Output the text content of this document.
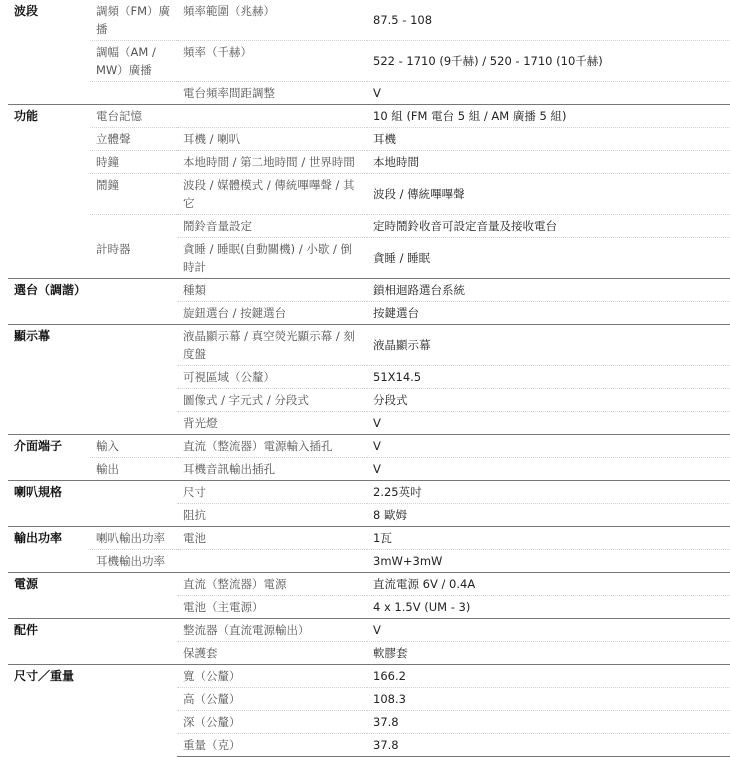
波段	調頻（FM）廣播	頻率範圍（兆赫）	87.5 - 108
	調幅（AM / MW）廣播	頻率（千赫）	522 - 1710 (9千赫) / 520 - 1710 (10千赫)
		電台頻率間距調整	V
功能	電台記憶		10 組 (FM 電台 5 組 / AM 廣播 5 組)
	立體聲	耳機 / 喇叭	耳機
	時鐘	本地時間 / 第二地時間 / 世界時間	本地時間
	鬧鐘	波段 / 媒體模式 / 傳統嗶嗶聲 / 其它	波段 / 傳統嗶嗶聲
		鬧鈴音量設定	定時鬧鈴收音可設定音量及接收電台
	計時器	貪睡 / 睡眠(自動關機) / 小歇 / 倒時計	貪睡 / 睡眠
選台（調諧）		種類	鎖相迴路選台系統
		旋鈕選台 / 按鍵選台	按鍵選台
顯示幕		液晶顯示幕 / 真空熒光顯示幕 / 刻度盤	液晶顯示幕
		可視區域（公釐）	51X14.5
		圖像式 / 字元式 / 分段式	分段式
		背光燈	V
介面端子	輸入	直流（整流器）電源輸入插孔	V
	輸出	耳機音訊輸出插孔	V
喇叭規格		尺寸	2.25英吋
		阻抗	8 歐姆
輸出功率	喇叭輸出功率	電池	1瓦
	耳機輸出功率		3mW+3mW
電源		直流（整流器）電源	直流電源 6V / 0.4A
		電池（主電源）	4 x 1.5V (UM - 3)
配件		整流器（直流電源輸出）	V
		保護套	軟膠套
尺寸／重量		寬（公釐）	166.2
		高（公釐）	108.3
		深（公釐）	37.8
		重量（克）	37.8
